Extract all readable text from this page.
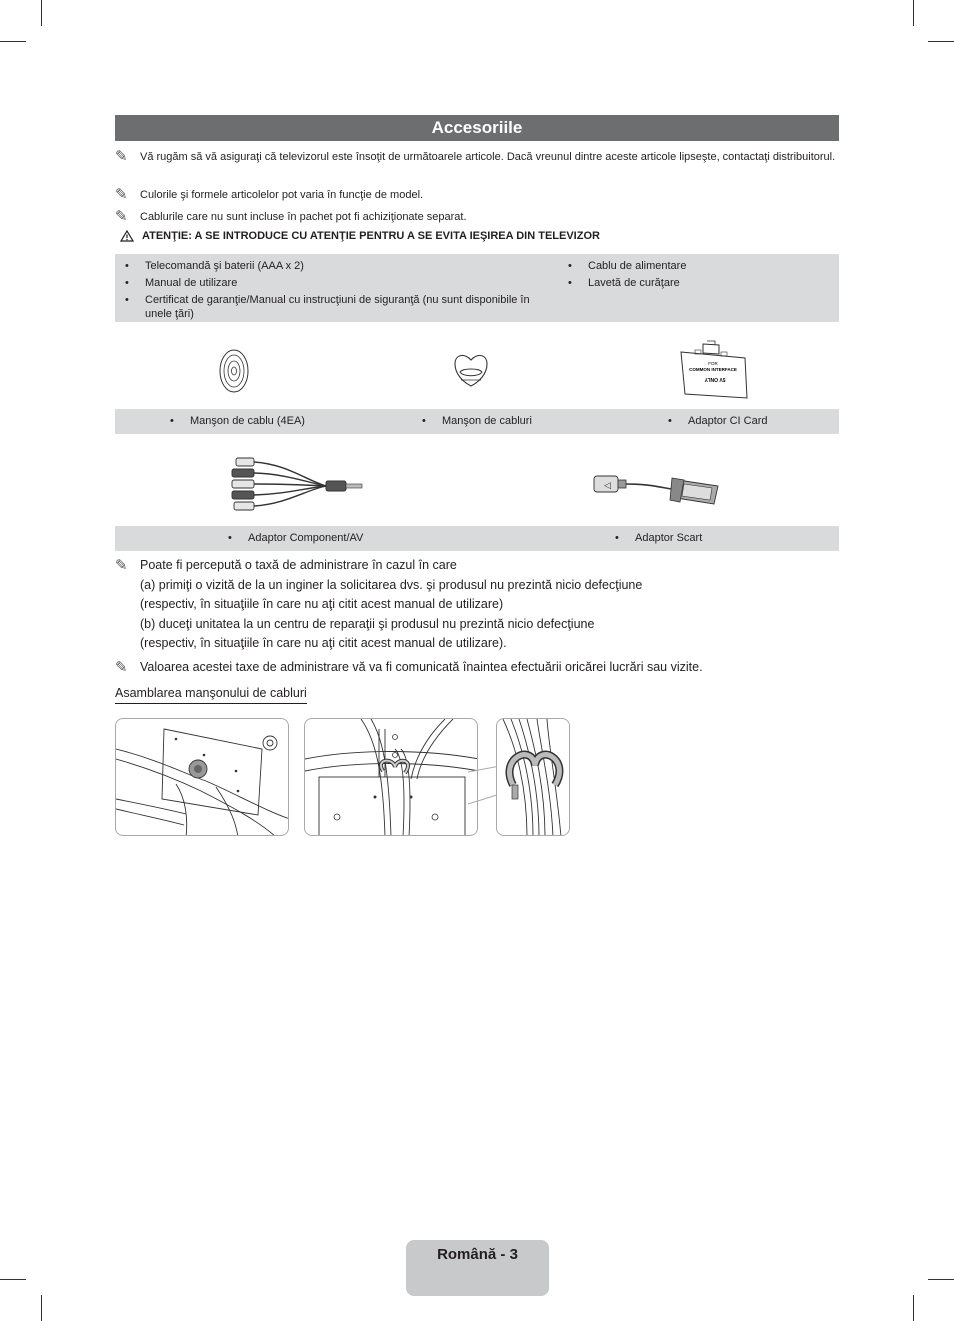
Accesoriile
✎	Vă rugăm să vă asiguraţi că televizorul este însoţit de următoarele articole. Dacă vreunul dintre aceste articole lipseşte, contactaţi distribuitorul.
✎	Culorile şi formele articolelor pot varia în funcţie de model.
✎	Cablurile care nu sunt incluse în pachet pot fi achiziţionate separat.
ATENŢIE: A SE INTRODUCE CU ATENŢIE PENTRU A SE EVITA IEŞIREA DIN TELEVIZOR
• Telecomandă şi baterii (AAA x 2)
• Manual de utilizare
• Certificat de garanţie/Manual cu instrucţiuni de siguranţă (nu sunt disponibile în unele ţări)
• Cablu de alimentare
• Lavetă de curăţare
FOR
COMMON INTERFACE
5V ONLY
• Manşon de cablu (4EA)	• Manşon de cabluri	• Adaptor CI Card
◁
• Adaptor Component/AV	• Adaptor Scart
✎ Poate fi percepută o taxă de administrare în cazul în care
(a) primiţi o vizită de la un inginer la solicitarea dvs. şi produsul nu prezintă nicio defecţiune
(respectiv, în situaţiile în care nu aţi citit acest manual de utilizare)
(b) duceţi unitatea la un centru de reparaţii şi produsul nu prezintă nicio defecţiune
(respectiv, în situaţiile în care nu aţi citit acest manual de utilizare).
✎ Valoarea acestei taxe de administrare vă va fi comunicată înaintea efectuării oricărei lucrări sau vizite.
Asamblarea manşonului de cabluri
Română - 3
